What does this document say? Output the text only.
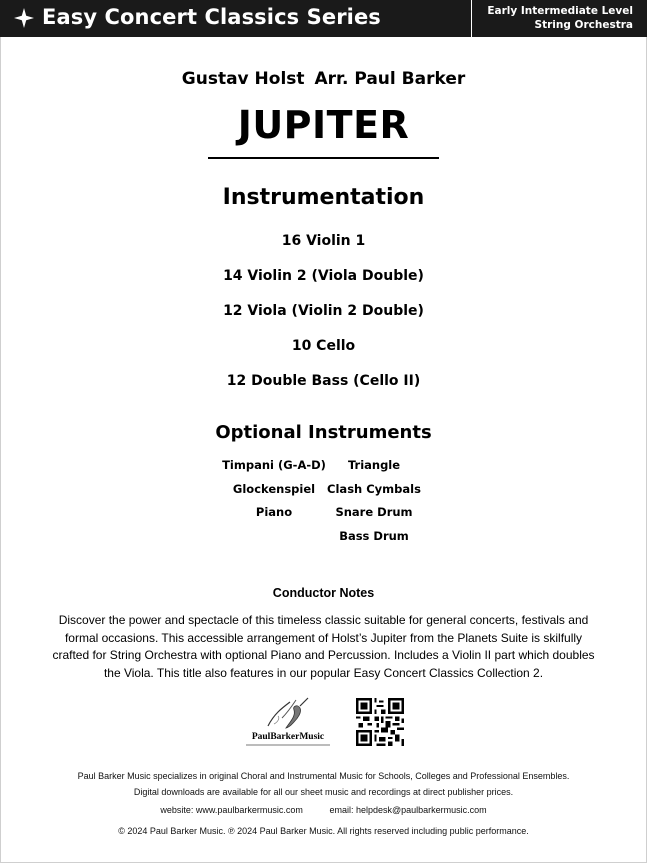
Easy Concert Classics Series	Early Intermediate Level
String Orchestra
Gustav Holst Arr. Paul Barker
JUPITER
Instrumentation
16 Violin 1
14 Violin 2 (Viola Double)
12 Viola (Violin 2 Double)
10 Cello
12 Double Bass (Cello II)
Optional Instruments
Timpani (G-A-D)
Glockenspiel
Piano
Triangle
Clash Cymbals
Snare Drum
Bass Drum
Conductor Notes
Discover the power and spectacle of this timeless classic suitable for general concerts, festivals and formal occasions. This accessible arrangement of Holst’s Jupiter from the Planets Suite is skilfully crafted for String Orchestra with optional Piano and Percussion. Includes a Violin II part which doubles the Viola. This title also features in our popular Easy Concert Classics Collection 2.
PaulBarkerMusic
Paul Barker Music specializes in original Choral and Instrumental Music for Schools, Colleges and Professional Ensembles.
Digital downloads are available for all our sheet music and recordings at direct publisher prices.
website: www.paulbarkermusic.com	email: helpdesk@paulbarkermusic.com
© 2024 Paul Barker Music. ℗ 2024 Paul Barker Music. All rights reserved including public performance.
